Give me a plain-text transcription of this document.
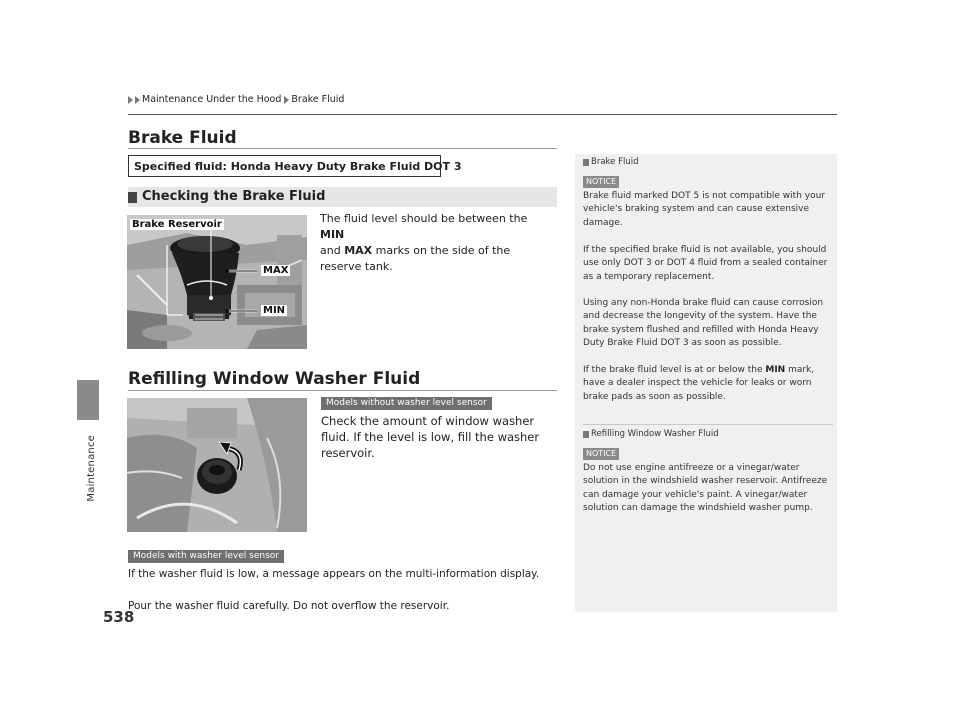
Maintenance
538
Maintenance Under the Hood Brake Fluid
Brake Fluid
Specified fluid: Honda Heavy Duty Brake Fluid DOT 3
Checking the Brake Fluid
Brake Reservoir
MAX
MIN
The fluid level should be between the MIN
and MAX marks on the side of the reserve tank.
Refilling Window Washer Fluid
Models without washer level sensor
Check the amount of window washer fluid. If the level is low, fill the washer reservoir.
Models with washer level sensor
If the washer fluid is low, a message appears on the multi-information display.
Pour the washer fluid carefully. Do not overflow the reservoir.
Brake Fluid
NOTICE
Brake fluid marked DOT 5 is not compatible with your vehicle's braking system and can cause extensive damage.
If the specified brake fluid is not available, you should use only DOT 3 or DOT 4 fluid from a sealed container as a temporary replacement.
Using any non-Honda brake fluid can cause corrosion and decrease the longevity of the system. Have the brake system flushed and refilled with Honda Heavy Duty Brake Fluid DOT 3 as soon as possible.
If the brake fluid level is at or below the MIN mark, have a dealer inspect the vehicle for leaks or worn brake pads as soon as possible.
Refilling Window Washer Fluid
NOTICE
Do not use engine antifreeze or a vinegar/water solution in the windshield washer reservoir. Antifreeze can damage your vehicle's paint. A vinegar/water solution can damage the windshield washer pump.
